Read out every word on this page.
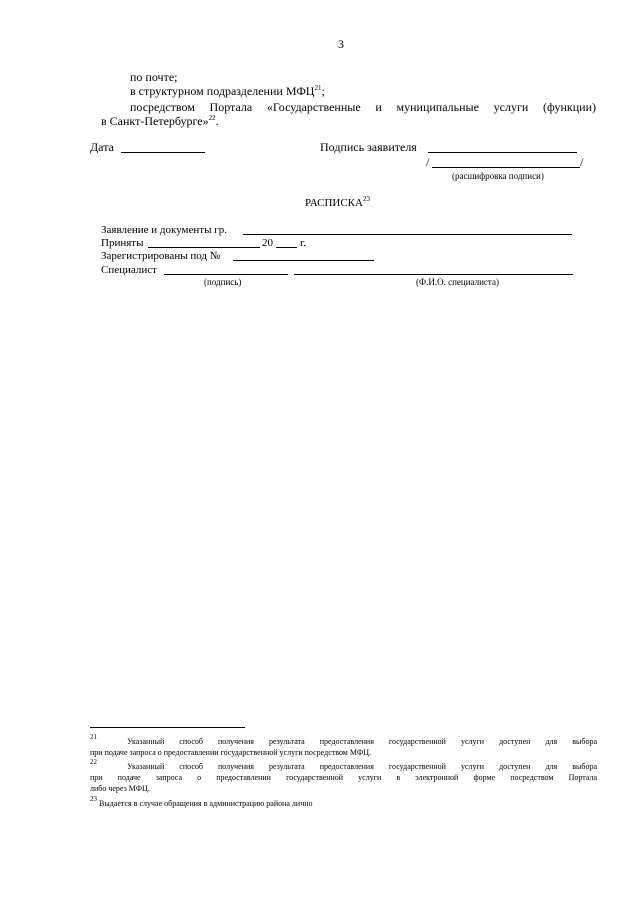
3
по почте;
в структурном подразделении МФЦ$^{21}$;
посредством Портала «Государственные и муниципальные услуги (функции)
в Санкт-Петербурге»$^{22}$.
Дата	Подпись заявителя
/	/
(расшифровка подписи)
РАСПИСКА$^{23}$
Заявление и документы гр.
Приняты	20 г.
Зарегистрированы под №
Специалист
(подпись)	(Ф.И.О. специалиста)
$^{21}$	Указанный способ получения результата предоставления государственной услуги доступен для выбора
при подаче запроса о предоставлении государственной услуги посредством МФЦ.
$^{22}$	Указанный способ получения результата предоставления государственной услуги доступен для выбора
при подаче запроса о предоставлении государственной услуги в электронной форме посредством Портала
либо через МФЦ.
$^{23}$ Выдается в случае обращения в администрацию района лично
